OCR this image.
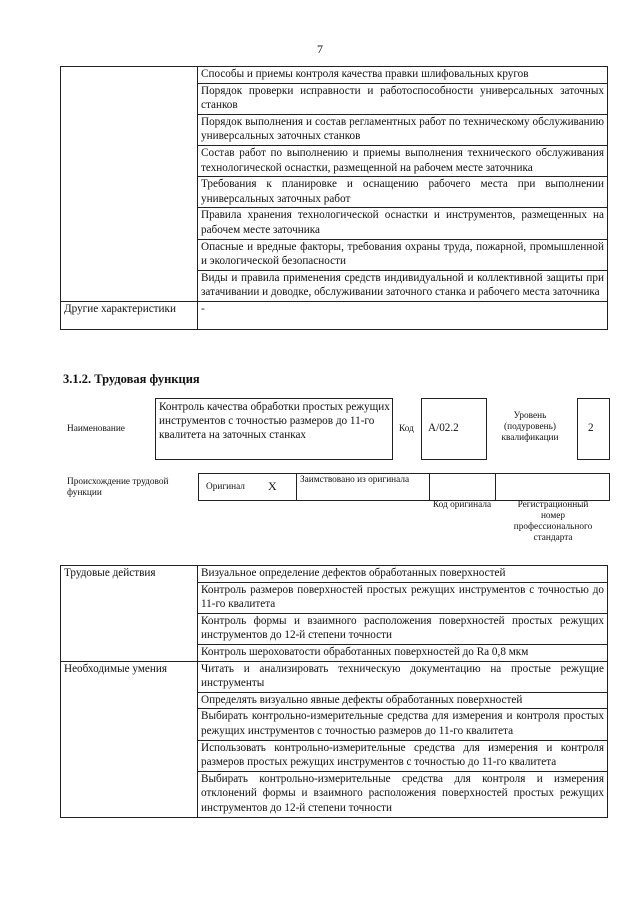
7
	Способы и приемы контроля качества правки шлифовальных кругов
	Порядок проверки исправности и работоспособности универсальных заточных станков
	Порядок выполнения и состав регламентных работ по техническому обслуживанию универсальных заточных станков
	Состав работ по выполнению и приемы выполнения технического обслуживания технологической оснастки, размещенной на рабочем месте заточника
	Требования к планировке и оснащению рабочего места при выполнении универсальных заточных работ
	Правила хранения технологической оснастки и инструментов, размещенных на рабочем месте заточника
	Опасные и вредные факторы, требования охраны труда, пожарной, промышленной и экологической безопасности
	Виды и правила применения средств индивидуальной и коллективной защиты при затачивании и доводке, обслуживании заточного станка и рабочего места заточника
Другие характеристики	-
3.1.2. Трудовая функция
Наименование
Контроль качества обработки простых режущих инструментов с точностью размеров до 11-го квалитета на заточных станках
Код A/02.2
Уровень (подуровень) квалификации
2
Происхождение трудовой функции
Оригинал X	Заимствовано из оригинала
Код оригинала	Регистрационный номер профессионального стандарта
Трудовые действия	Визуальное определение дефектов обработанных поверхностей
	Контроль размеров поверхностей простых режущих инструментов с точностью до 11-го квалитета
	Контроль формы и взаимного расположения поверхностей простых режущих инструментов до 12-й степени точности
	Контроль шероховатости обработанных поверхностей до Ra 0,8 мкм
Необходимые умения	Читать и анализировать техническую документацию на простые режущие инструменты
	Определять визуально явные дефекты обработанных поверхностей
	Выбирать контрольно-измерительные средства для измерения и контроля простых режущих инструментов с точностью размеров до 11-го квалитета
	Использовать контрольно-измерительные средства для измерения и контроля размеров простых режущих инструментов с точностью до 11-го квалитета
	Выбирать контрольно-измерительные средства для контроля и измерения отклонений формы и взаимного расположения поверхностей простых режущих инструментов до 12-й степени точности
